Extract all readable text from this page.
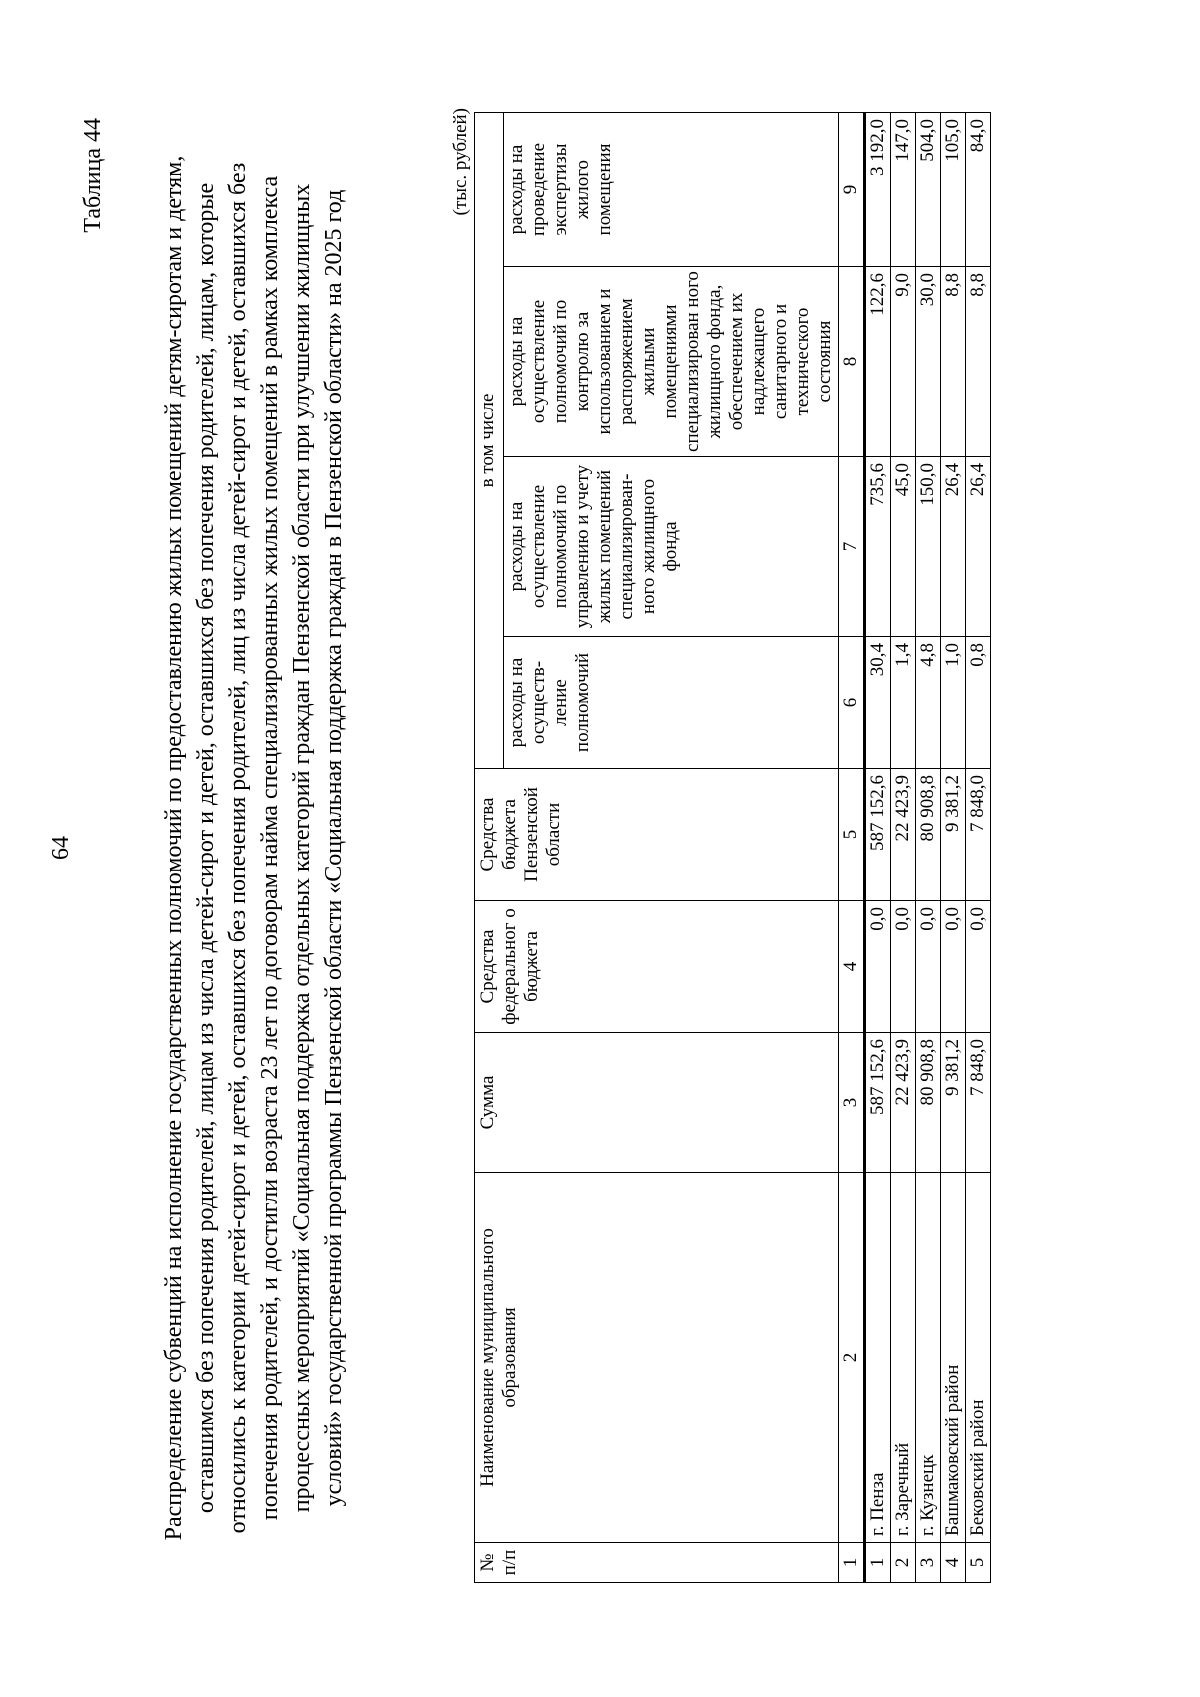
64
Таблица 44 Распределение субвенций на исполнение государственных полномочий по предоставлению жилых помещений детям-сиротам и детям, оставшимся без попечения родителей, лицам из числа детей-сирот и детей, оставшихся без попечения родителей, лицам, которые относились к категории детей-сирот и детей, оставшихся без попечения родителей, лиц из числа детей-сирот и детей, оставшихся без попечения родителей, и достигли возраста 23 лет по договорам найма специализированных жилых помещений в рамках комплекса процессных мероприятий «Социальная поддержка отдельных категорий граждан Пензенской области при улучшении жилищных условий» государственной программы Пензенской области «Социальная поддержка граждан в Пензенской области» на 2025 год
(тыс. рублей)
№ п/п	Наименование муниципального образования	Сумма	Средства федеральног о бюджета	Средства бюджета Пензенской области	в том числе			
					расходы на осуществ-ление полномочий	расходы на осуществление полномочий по управлению и учету жилых помещений специализирован-ного жилищного фонда	расходы на осуществление полномочий по контролю за использованием и распоряжением жилыми помещениями специализирован ного жилищного фонда, обеспечением их надлежащего санитарного и технического состояния	расходы на проведение экспертизы жилого помещения
1	2	3	4	5	6	7	8	9
1	г. Пенза	587 152,6	0,0	587 152,6	30,4	735,6	122,6	3 192,0
2	г. Заречный	22 423,9	0,0	22 423,9	1,4	45,0	9,0	147,0
3	г. Кузнецк	80 908,8	0,0	80 908,8	4,8	150,0	30,0	504,0
4	Башмаковский район	9 381,2	0,0	9 381,2	1,0	26,4	8,8	105,0
5	Бековский район	7 848,0	0,0	7 848,0	0,8	26,4	8,8	84,0
